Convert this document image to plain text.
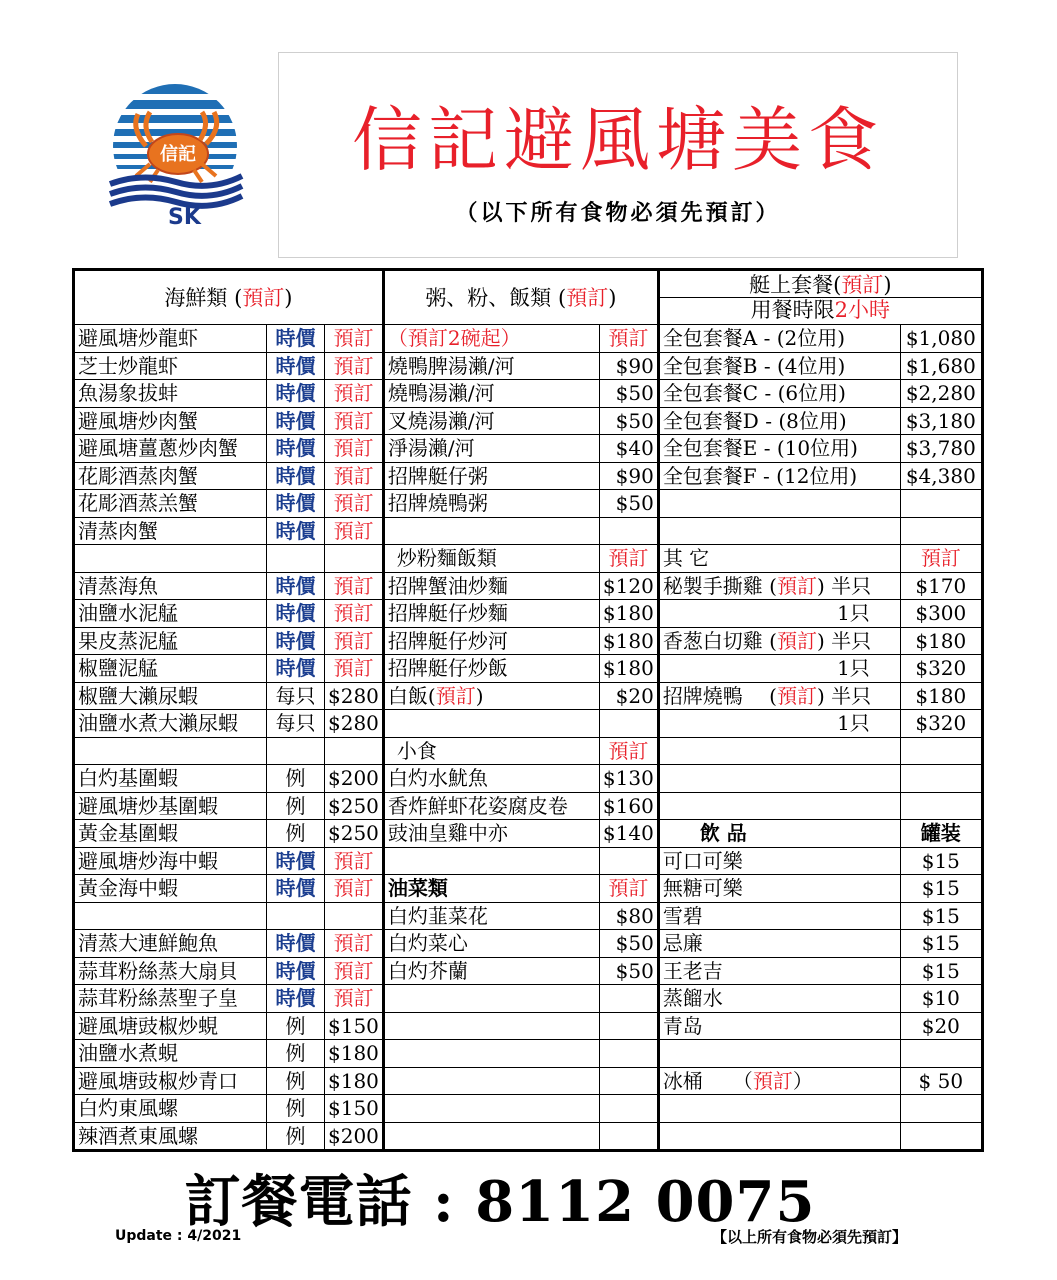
信記
SK
信記避風塘美食
（以下所有食物必須先預訂）
海鮮類 (預訂)			粥、粉、飯類 (預訂)		艇上套餐(預訂)
用餐時限2小時	

避風塘炒龍虾	時價	預訂	（預訂2碗起）	預訂	全包套餐A - (2位用)	$1,080
芝士炒龍虾	時價	預訂	燒鴨脾湯瀨/河	$90	全包套餐B - (4位用)	$1,680
魚湯象拔蚌	時價	預訂	燒鴨湯瀨/河	$50	全包套餐C - (6位用)	$2,280
避風塘炒肉蟹	時價	預訂	叉燒湯瀨/河	$50	全包套餐D - (8位用)	$3,180
避風塘薑蔥炒肉蟹	時價	預訂	淨湯瀨/河	$40	全包套餐E - (10位用)	$3,780
花彫酒蒸肉蟹	時價	預訂	招牌艇仔粥	$90	全包套餐F - (12位用)	$4,380
花彫酒蒸羔蟹	時價	預訂	招牌燒鴨粥	$50		
清蒸肉蟹	時價	預訂				
			炒粉麵飯類	預訂	其 它	預訂
清蒸海魚	時價	預訂	招牌蟹油炒麵	$120	秘製手撕雞 (預訂) 半只	$170
油鹽水泥艋	時價	預訂	招牌艇仔炒麵	$180	1只	$300
果皮蒸泥艋	時價	預訂	招牌艇仔炒河	$180	香葱白切雞 (預訂) 半只	$180
椒鹽泥艋	時價	預訂	招牌艇仔炒飯	$180	1只	$320
椒鹽大瀨尿蝦	每只	$280	白飯(預訂)	$20	招牌燒鴨　 (預訂) 半只	$180
油鹽水煮大瀨尿蝦	每只	$280			1只	$320
			小食	預訂		
白灼基圍蝦	例	$200	白灼水魷魚	$130		
避風塘炒基圍蝦	例	$250	香炸鮮虾花姿腐皮卷	$160		
黃金基圍蝦	例	$250	豉油皇雞中亦	$140	飲 品	罐装
避風塘炒海中蝦	時價	預訂			可口可樂	$15
黃金海中蝦	時價	預訂	油菜類	預訂	無糖可樂	$15
			白灼韮菜花	$80	雪碧	$15
清蒸大連鮮鮑魚	時價	預訂	白灼菜心	$50	忌廉	$15
蒜茸粉絲蒸大扇貝	時價	預訂	白灼芥蘭	$50	王老吉	$15
蒜茸粉絲蒸聖子皇	時價	預訂			蒸餾水	$10
避風塘豉椒炒蜆	例	$150			青岛	$20
油鹽水煮蜆	例	$180				
避風塘豉椒炒青口	例	$180			冰桶　　（預訂）	$ 50
白灼東風螺	例	$150				
辣酒煮東風螺	例	$200				
訂餐電話 : 8112 0075
Update : 4/2021	【以上所有食物必須先預訂】
